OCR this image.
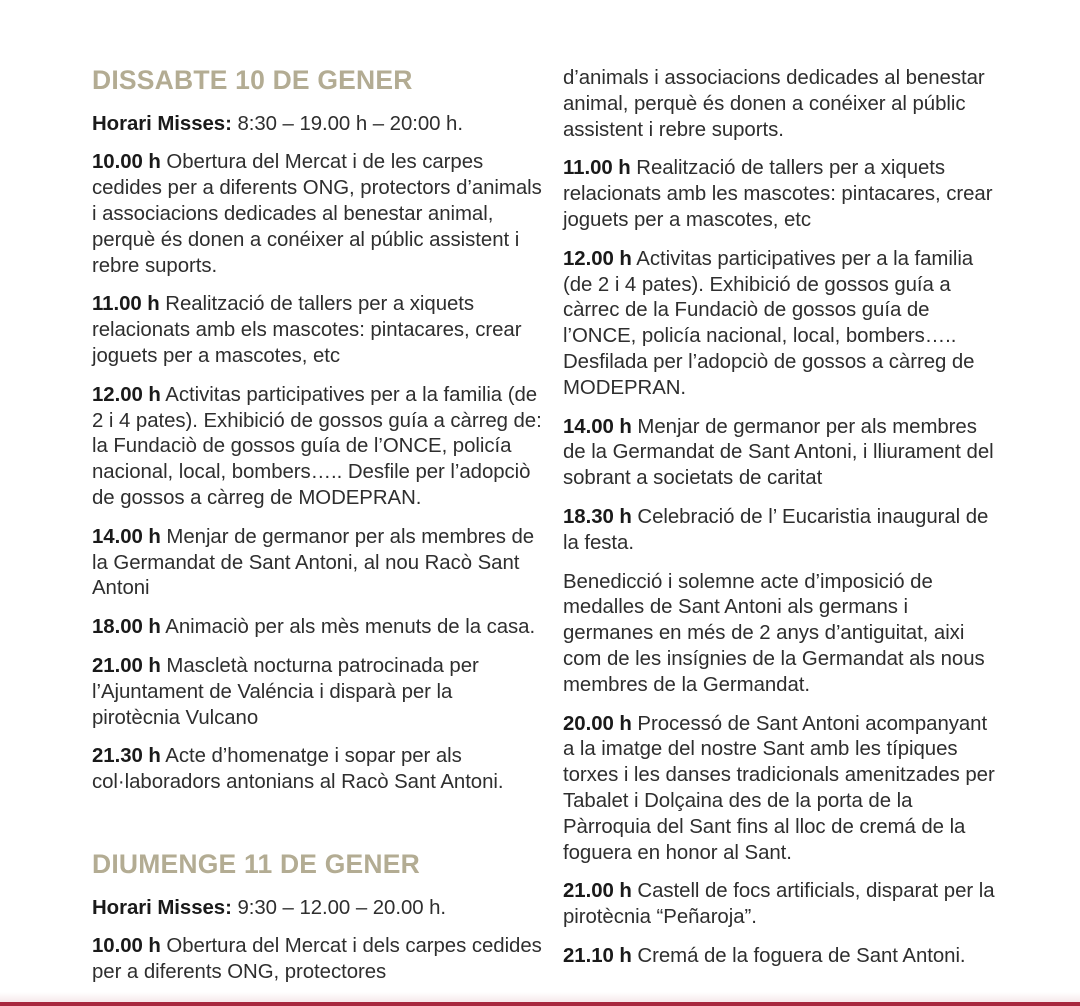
DISSABTE 10 DE GENER

Horari Misses: 8:30 – 19.00 h – 20:00 h.

10.00 h Obertura del Mercat i de les carpes cedides per a diferents ONG, protectors d’animals i associacions dedicades al benestar animal, perquè és donen a conéixer al públic assistent i rebre suports.

11.00 h Realització de tallers per a xiquets relacionats amb els mascotes: pintacares, crear joguets per a mascotes, etc

12.00 h Activitas participatives per a la familia (de 2 i 4 pates). Exhibició de gossos guía a càrreg de: la Fundaciò de gossos guía de l’ONCE, policía nacional, local, bombers….. Desfile per l’adopciò de gossos a càrreg de MODEPRAN.

14.00 h Menjar de germanor per als membres de la Germandat de Sant Antoni, al nou Racò Sant Antoni

18.00 h Animaciò per als mès menuts de la casa.

21.00 h Mascletà nocturna patrocinada per l’Ajuntament de Valéncia i disparà per la pirotècnia Vulcano

21.30 h Acte d’homenatge i sopar per als col·laboradors antonians al Racò Sant Antoni.

DIUMENGE 11 DE GENER

Horari Misses: 9:30 – 12.00 – 20.00 h.

10.00 h Obertura del Mercat i dels carpes cedides per a diferents ONG, protectores

d’animals i associacions dedicades al benestar animal, perquè és donen a conéixer al públic assistent i rebre suports.

11.00 h Realització de tallers per a xiquets relacionats amb les mascotes: pintacares, crear joguets per a mascotes, etc

12.00 h Activitas participatives per a la familia (de 2 i 4 pates). Exhibició de gossos guía a càrrec de la Fundaciò de gossos guía de l’ONCE, policía nacional, local, bombers….. Desfilada per l’adopciò de gossos a càrreg de MODEPRAN.

14.00 h Menjar de germanor per als membres de la Germandat de Sant Antoni, i lliurament del sobrant a societats de caritat

18.30 h Celebració de l’ Eucaristia inaugural de la festa.

Benedicció i solemne acte d’imposició de medalles de Sant Antoni als germans i germanes en més de 2 anys d’antiguitat, aixi com de les insígnies de la Germandat als nous membres de la Germandat.

20.00 h Processó de Sant Antoni acompanyant a la imatge del nostre Sant amb les típiques torxes i les danses tradicionals amenitzades per Tabalet i Dolçaina des de la porta de la Pàrroquia del Sant fins al lloc de cremá de la foguera en honor al Sant.

21.00 h Castell de focs artificials, disparat per la pirotècnia “Peñaroja”.

21.10 h Cremá de la foguera de Sant Antoni.
